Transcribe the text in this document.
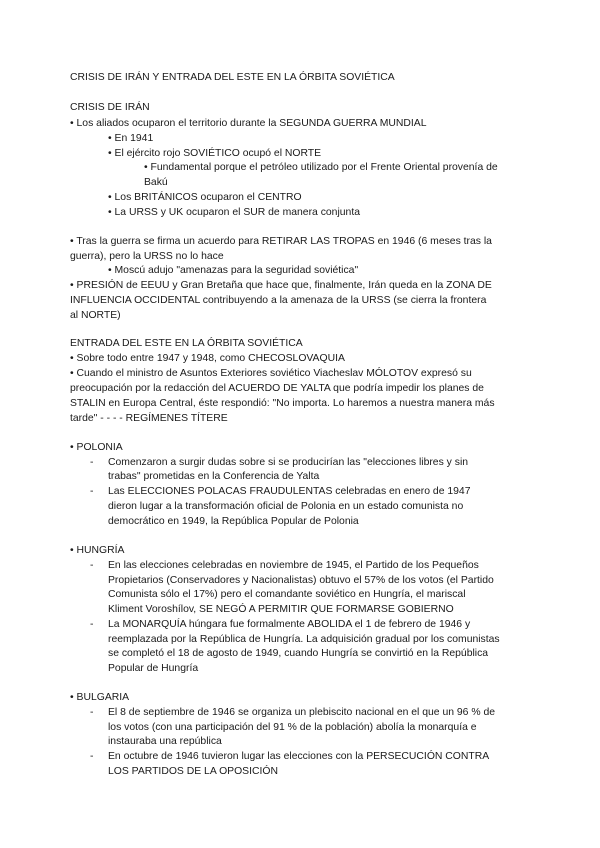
CRISIS DE IRÁN Y ENTRADA DEL ESTE EN LA ÓRBITA SOVIÉTICA
CRISIS DE IRÁN
• Los aliados ocuparon el territorio durante la SEGUNDA GUERRA MUNDIAL
• En 1941
• El ejército rojo SOVIÉTICO ocupó el NORTE
• Fundamental porque el petróleo utilizado por el Frente Oriental provenía de
Bakú
• Los BRITÁNICOS ocuparon el CENTRO
• La URSS y UK ocuparon el SUR de manera conjunta
• Tras la guerra se firma un acuerdo para RETIRAR LAS TROPAS en 1946 (6 meses tras la
guerra), pero la URSS no lo hace
• Moscú adujo "amenazas para la seguridad soviética"
• PRESIÓN de EEUU y Gran Bretaña que hace que, finalmente, Irán queda en la ZONA DE
INFLUENCIA OCCIDENTAL contribuyendo a la amenaza de la URSS (se cierra la frontera
al NORTE)
ENTRADA DEL ESTE EN LA ÓRBITA SOVIÉTICA
• Sobre todo entre 1947 y 1948, como CHECOSLOVAQUIA
• Cuando el ministro de Asuntos Exteriores soviético Viacheslav MÓLOTOV expresó su
preocupación por la redacción del ACUERDO DE YALTA que podría impedir los planes de
STALIN en Europa Central, éste respondió: "No importa. Lo haremos a nuestra manera más
tarde" - - - - REGÍMENES TÍTERE
• POLONIA
- Comenzaron a surgir dudas sobre si se producirían las "elecciones libres y sin
trabas" prometidas en la Conferencia de Yalta
- Las ELECCIONES POLACAS FRAUDULENTAS celebradas en enero de 1947
dieron lugar a la transformación oficial de Polonia en un estado comunista no
democrático en 1949, la República Popular de Polonia
• HUNGRÍA
- En las elecciones celebradas en noviembre de 1945, el Partido de los Pequeños
Propietarios (Conservadores y Nacionalistas) obtuvo el 57% de los votos (el Partido
Comunista sólo el 17%) pero el comandante soviético en Hungría, el mariscal
Kliment Voroshílov, SE NEGÓ A PERMITIR QUE FORMARSE GOBIERNO
- La MONARQUÍA húngara fue formalmente ABOLIDA el 1 de febrero de 1946 y
reemplazada por la República de Hungría. La adquisición gradual por los comunistas
se completó el 18 de agosto de 1949, cuando Hungría se convirtió en la República
Popular de Hungría
• BULGARIA
- El 8 de septiembre de 1946 se organiza un plebiscito nacional en el que un 96 % de
los votos (con una participación del 91 % de la población) abolía la monarquía e
instauraba una república
- En octubre de 1946 tuvieron lugar las elecciones con la PERSECUCIÓN CONTRA
LOS PARTIDOS DE LA OPOSICIÓN
